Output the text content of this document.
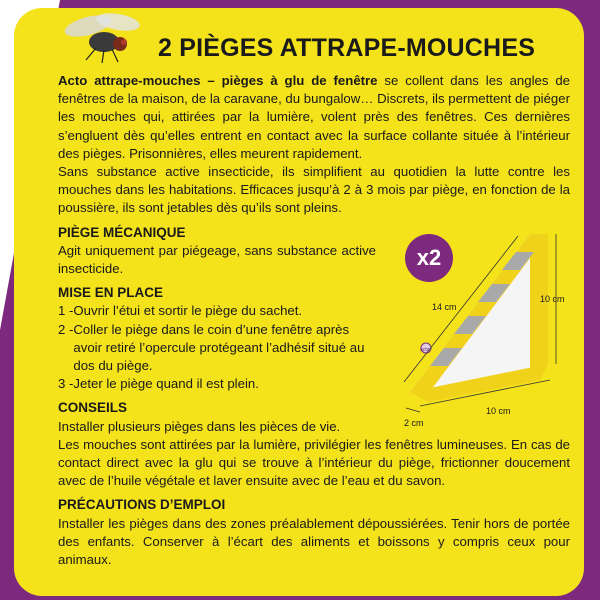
2 PIÈGES ATTRAPE-MOUCHES

Acto attrape-mouches – pièges à glu de fenêtre se collent dans les angles de fenêtres de la maison, de la caravane, du bungalow… Discrets, ils permettent de piéger les mouches qui, attirées par la lumière, volent près des fenêtres. Ces dernières s’engluent dès qu’elles entrent en contact avec la surface collante située à l’intérieur des pièges. Prisonnières, elles meurent rapidement.

Sans substance active insecticide, ils simplifient au quotidien la lutte contre les mouches dans les habitations. Efficaces jusqu’à 2 à 3 mois par piège, en fonction de la poussière, ils sont jetables dès qu’ils sont pleins.

PIÈGE MÉCANIQUE

Agit uniquement par piégeage, sans substance active insecticide.

MISE EN PLACE
1 - Ouvrir l’étui et sortir le piège du sachet.
2 - Coller le piège dans le coin d’une fenêtre après avoir retiré l’opercule protégeant l’adhésif situé au dos du piège.
3 - Jeter le piège quand il est plein.
CONSEILS

Installer plusieurs pièges dans les pièces de vie.

Les mouches sont attirées par la lumière, privilégier les fenêtres lumineuses. En cas de contact direct avec la glu qui se trouve à l’intérieur du piège, frictionner doucement avec de l’huile végétale et laver ensuite avec de l’eau et du savon.

PRÉCAUTIONS D’EMPLOI

Installer les pièges dans des zones préalablement dépoussiérées. Tenir hors de portée des enfants. Conserver à l’écart des aliments et boissons y compris ceux pour animaux.

acto
14 cm
10 cm
10 cm
2 cm
x2
